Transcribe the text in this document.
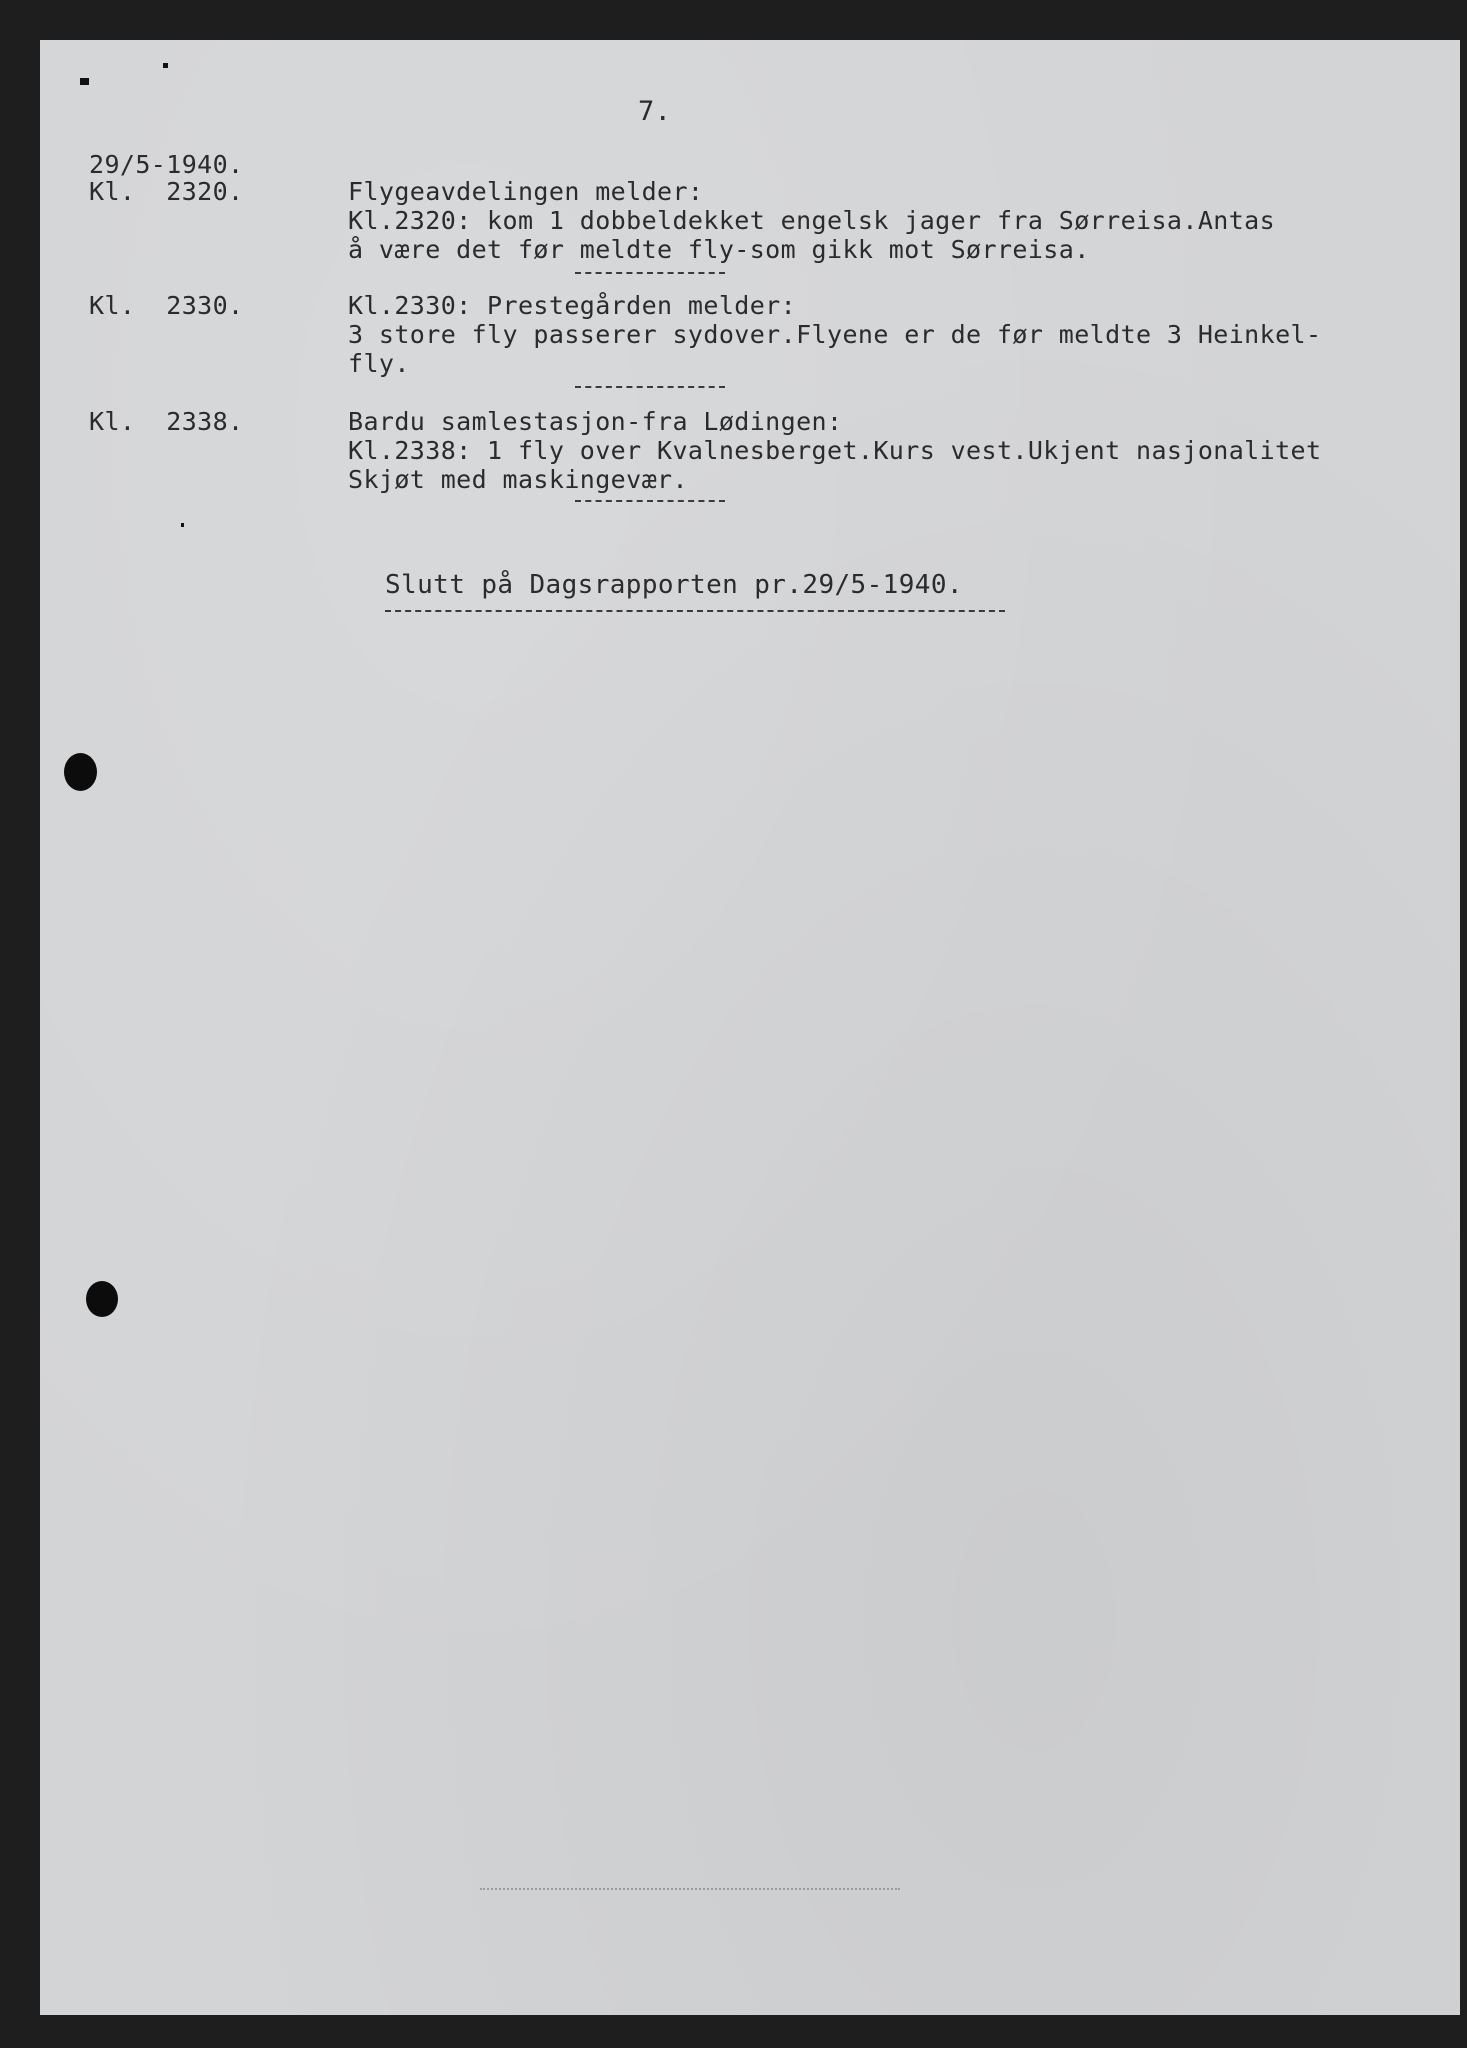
7.
29/5-1940.
Kl.  2320.	Flygeavdelingen melder:
Kl.2320: kom 1 dobbeldekket engelsk jager fra Sørreisa.Antas
å være det før meldte fly-som gikk mot Sørreisa.
Kl.  2330.	Kl.2330: Prestegården melder:
3 store fly passerer sydover.Flyene er de før meldte 3 Heinkel-
fly.
Kl.  2338.	Bardu samlestasjon-fra Lødingen:
Kl.2338: 1 fly over Kvalnesberget.Kurs vest.Ukjent nasjonalitet
Skjøt med maskingevær.
Slutt på Dagsrapporten pr.29/5-1940.
